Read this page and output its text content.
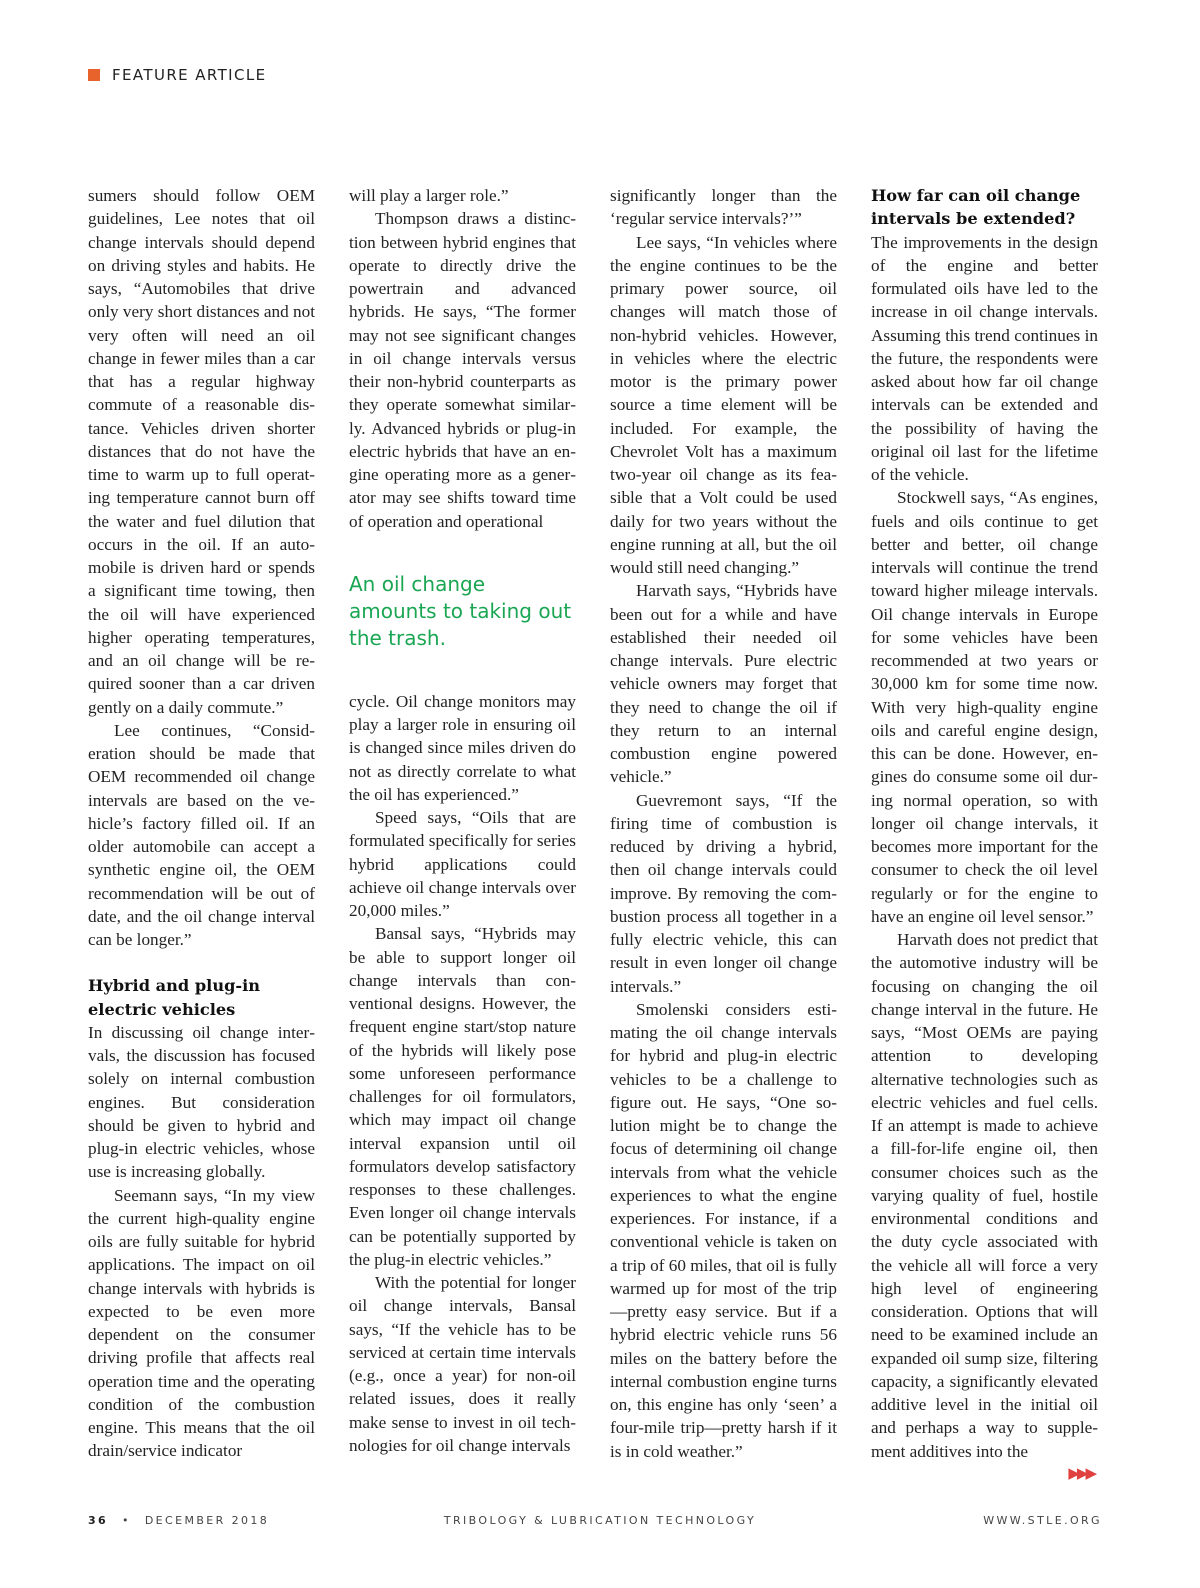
FEATURE ARTICLE

sumers should follow OEM guidelines, Lee notes that oil change intervals should depend on driving styles and habits. He says, “Automobiles that drive only very short distances and not very often will need an oil change in fewer miles than a car that has a regular highway commute of a reasonable distance. Vehicles driven shorter distances that do not have the time to warm up to full operating temperature cannot burn off the water and fuel dilution that occurs in the oil. If an automobile is driven hard or spends a significant time towing, then the oil will have experienced higher operating temperatures, and an oil change will be required sooner than a car driven gently on a daily commute.”

Lee continues, “Consideration should be made that OEM recommended oil change intervals are based on the vehicle’s factory filled oil. If an older automobile can accept a synthetic engine oil, the OEM recommendation will be out of date, and the oil change interval can be longer.”

Hybrid and plug-in electric vehicles

In discussing oil change intervals, the discussion has focused solely on internal combustion engines. But consideration should be given to hybrid and plug-in electric vehicles, whose use is increasing globally.

Seemann says, “In my view the current high-quality engine oils are fully suitable for hybrid applications. The impact on oil change intervals with hybrids is expected to be even more dependent on the consumer driving profile that affects real operation time and the operating condition of the combustion engine. This means that the oil drain/service indicator

will play a larger role.”

Thompson draws a distinction between hybrid engines that operate to directly drive the powertrain and advanced hybrids. He says, “The former may not see significant changes in oil change intervals versus their non-hybrid counterparts as they operate somewhat similarly. Advanced hybrids or plug-in electric hybrids that have an engine operating more as a generator may see shifts toward time of operation and operational

An oil change amounts to taking out the trash.

cycle. Oil change monitors may play a larger role in ensuring oil is changed since miles driven do not as directly correlate to what the oil has experienced.”

Speed says, “Oils that are formulated specifically for series hybrid applications could achieve oil change intervals over 20,000 miles.”

Bansal says, “Hybrids may be able to support longer oil change intervals than conventional designs. However, the frequent engine start/stop nature of the hybrids will likely pose some unforeseen performance challenges for oil formulators, which may impact oil change interval expansion until oil formulators develop satisfactory responses to these challenges. Even longer oil change intervals can be potentially supported by the plug-in electric vehicles.”

With the potential for longer oil change intervals, Bansal says, “If the vehicle has to be serviced at certain time intervals (e.g., once a year) for non-oil related issues, does it really make sense to invest in oil technologies for oil change intervals

significantly longer than the ‘regular service intervals?’”

Lee says, “In vehicles where the engine continues to be the primary power source, oil changes will match those of non-hybrid vehicles. However, in vehicles where the electric motor is the primary power source a time element will be included. For example, the Chevrolet Volt has a maximum two-year oil change as its feasible that a Volt could be used daily for two years without the engine running at all, but the oil would still need changing.”

Harvath says, “Hybrids have been out for a while and have established their needed oil change intervals. Pure electric vehicle owners may forget that they need to change the oil if they return to an internal combustion engine powered vehicle.”

Guevremont says, “If the firing time of combustion is reduced by driving a hybrid, then oil change intervals could improve. By removing the combustion process all together in a fully electric vehicle, this can result in even longer oil change intervals.”

Smolenski considers estimating the oil change intervals for hybrid and plug-in electric vehicles to be a challenge to figure out. He says, “One solution might be to change the focus of determining oil change intervals from what the vehicle experiences to what the engine experiences. For instance, if a conventional vehicle is taken on a trip of 60 miles, that oil is fully warmed up for most of the trip—pretty easy service. But if a hybrid electric vehicle runs 56 miles on the battery before the internal combustion engine turns on, this engine has only ‘seen’ a four-mile trip—pretty harsh if it is in cold weather.”

How far can oil change intervals be extended?

The improvements in the design of the engine and better formulated oils have led to the increase in oil change intervals. Assuming this trend continues in the future, the respondents were asked about how far oil change intervals can be extended and the possibility of having the original oil last for the lifetime of the vehicle.

Stockwell says, “As engines, fuels and oils continue to get better and better, oil change intervals will continue the trend toward higher mileage intervals. Oil change intervals in Europe for some vehicles have been recommended at two years or 30,000 km for some time now. With very high-quality engine oils and careful engine design, this can be done. However, engines do consume some oil during normal operation, so with longer oil change intervals, it becomes more important for the consumer to check the oil level regularly or for the engine to have an engine oil level sensor.”

Harvath does not predict that the automotive industry will be focusing on changing the oil change interval in the future. He says, “Most OEMs are paying attention to developing alternative technologies such as electric vehicles and fuel cells. If an attempt is made to achieve a fill-for-life engine oil, then consumer choices such as the varying quality of fuel, hostile environmental conditions and the duty cycle associated with the vehicle all will force a very high level of engineering consideration. Options that will need to be examined include an expanded oil sump size, filtering capacity, a significantly elevated additive level in the initial oil and perhaps a way to supplement additives into the

▶▶▶
36 • DECEMBER 2018	TRIBOLOGY & LUBRICATION TECHNOLOGY	WWW.STLE.ORG
